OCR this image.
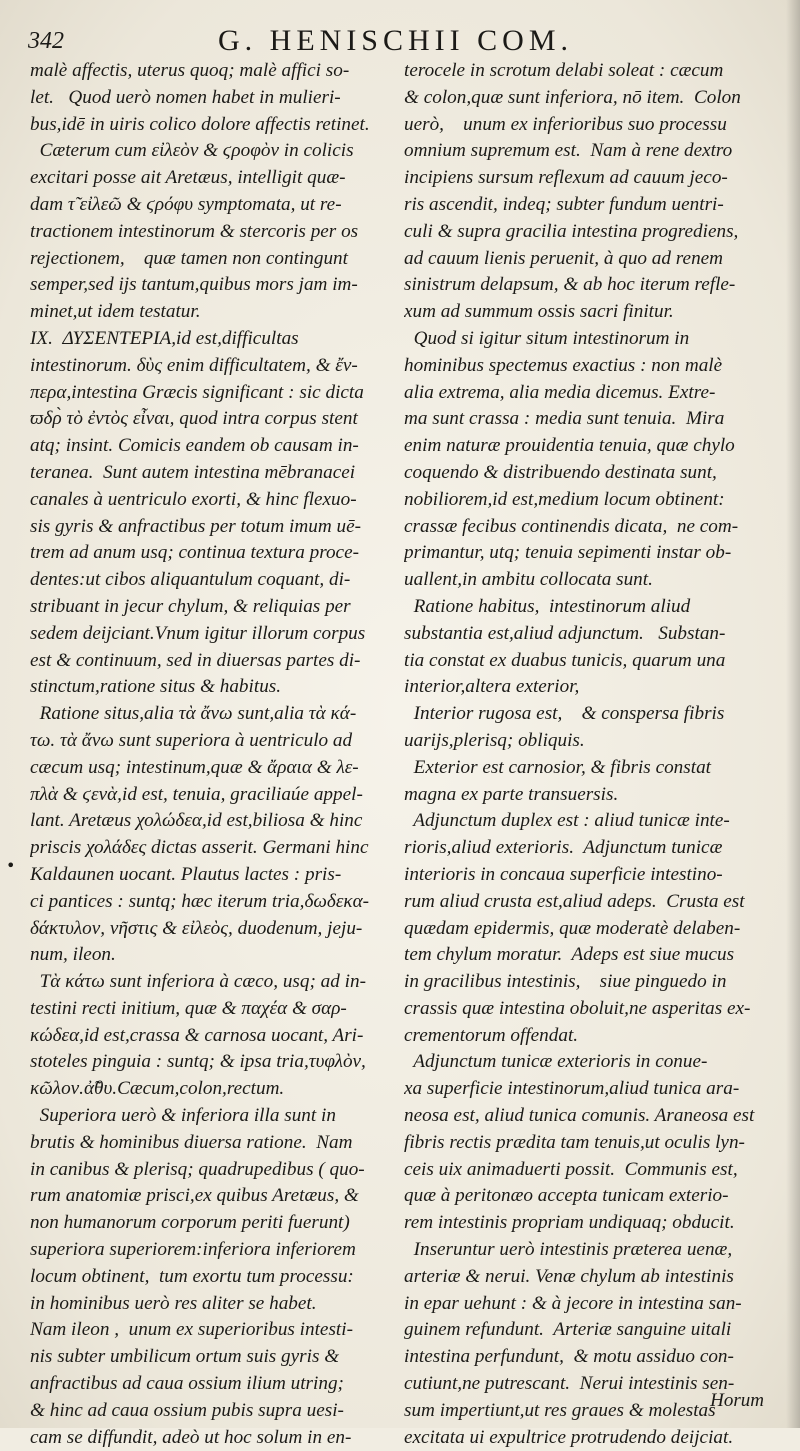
342	G. HENISCHII COM.
•
malè affectis, uterus quoq; malè affici so-
let.   Quod uerò nomen habet in mulieri-
bus,idē in uiris colico dolore affectis retinet.
Cæterum cum εἰλεὸν & ϛροφὸν in colicis
excitari posse ait Aretæus, intelligit quæ-
dam τ̃ εἰλεῶ & ϛρόφυ symptomata, ut re-
tractionem intestinorum & stercoris per os
rejectionem,    quæ tamen non contingunt
semper,sed ijs tantum,quibus mors jam im-
minet,ut idem testatur.
IX.  ΔΥΣΕΝΤΕΡΙΑ,id est,difficultas
intestinorum. δὺς enim difficultatem, & ἔν-
περα,intestina Græcis significant : sic dicta
ϖδρ̀ τὸ ἐντὸς εἶναι, quod intra corpus stent
atq; insint. Comicis eandem ob causam in-
teranea.  Sunt autem intestina mēbranacei
canales à uentriculo exorti, & hinc flexuo-
sis gyris & anfractibus per totum imum uē-
trem ad anum usq; continua textura proce-
dentes:ut cibos aliquantulum coquant, di-
stribuant in jecur chylum, & reliquias per
sedem deijciant.Vnum igitur illorum corpus
est & continuum, sed in diuersas partes di-
stinctum,ratione situs & habitus.
Ratione situs,alia τὰ ἄνω sunt,alia τὰ κά-
τω. τὰ ἄνω sunt superiora à uentriculo ad
cæcum usq; intestinum,quæ & ἄραια & λε-
πλὰ & ϛενὰ,id est, tenuia, graciliaúe appel-
lant. Aretæus χολώδεα,id est,biliosa & hinc
priscis χολάδες dictas asserit. Germani hinc
Kaldaunen uocant. Plautus lactes : pris-
ci pantices : suntq; hæc iterum tria,δωδεκα-
δάκτυλον, νῆστις & εἰλεὸς, duodenum, jeju-
num, ileon.
Τὰ κάτω sunt inferiora à cæco, usq; ad in-
testini recti initium, quæ & παχέα & σαρ-
κώδεα,id est,crassa & carnosa uocant, Ari-
stoteles pinguia : suntq; & ipsa tria,τυφλὸν,
κῶλον.ἀ̃θυ.Cæcum,colon,rectum.
Superiora uerò & inferiora illa sunt in
brutis & hominibus diuersa ratione.  Nam
in canibus & plerisq; quadrupedibus ( quo-
rum anatomiæ prisci,ex quibus Aretæus, &
non humanorum corporum periti fuerunt)
superiora superiorem:inferiora inferiorem
locum obtinent,  tum exortu tum processu:
in hominibus uerò res aliter se habet.
Nam ileon ,  unum ex superioribus intesti-
nis subter umbilicum ortum suis gyris &
anfractibus ad caua ossium ilium utring;
& hinc ad caua ossium pubis supra uesi-
cam se diffundit, adeò ut hoc solum in en-
terocele in scrotum delabi soleat : cæcum
& colon,quæ sunt inferiora, nō item.  Colon
uerò,    unum ex inferioribus suo processu
omnium supremum est.  Nam à rene dextro
incipiens sursum reflexum ad cauum jeco-
ris ascendit, indeq; subter fundum uentri-
culi & supra gracilia intestina progrediens,
ad cauum lienis peruenit, à quo ad renem
sinistrum delapsum, & ab hoc iterum refle-
xum ad summum ossis sacri finitur.
Quod si igitur situm intestinorum in
hominibus spectemus exactius : non malè
alia extrema, alia media dicemus. Extre-
ma sunt crassa : media sunt tenuia.  Mira
enim naturæ prouidentia tenuia, quæ chylo
coquendo & distribuendo destinata sunt,
nobiliorem,id est,medium locum obtinent:
crassæ fecibus continendis dicata,  ne com-
primantur, utq; tenuia sepimenti instar ob-
uallent,in ambitu collocata sunt.
Ratione habitus,  intestinorum aliud
substantia est,aliud adjunctum.   Substan-
tia constat ex duabus tunicis, quarum una
interior,altera exterior,
Interior rugosa est,    & conspersa fibris
uarijs,plerisq; obliquis.
Exterior est carnosior, & fibris constat
magna ex parte transuersis.
Adjunctum duplex est : aliud tunicæ inte-
rioris,aliud exterioris.  Adjunctum tunicæ
interioris in concaua superficie intestino-
rum aliud crusta est,aliud adeps.  Crusta est
quædam epidermis, quæ moderatè delaben-
tem chylum moratur.  Adeps est siue mucus
in gracilibus intestinis,    siue pinguedo in
crassis quæ intestina oboluit,ne asperitas ex-
crementorum offendat.
Adjunctum tunicæ exterioris in conue-
xa superficie intestinorum,aliud tunica ara-
neosa est, aliud tunica comunis. Araneosa est
fibris rectis prædita tam tenuis,ut oculis lyn-
ceis uix animaduerti possit.  Communis est,
quæ à peritonæo accepta tunicam exterio-
rem intestinis propriam undiquaq; obducit.
Inseruntur uerò intestinis præterea uenæ,
arteriæ & nerui. Venæ chylum ab intestinis
in epar uehunt : & à jecore in intestina san-
guinem refundunt.  Arteriæ sanguine uitali
intestina perfundunt,  & motu assiduo con-
cutiunt,ne putrescant.  Nerui intestinis sen-
sum impertiunt,ut res graues & molestas
excitata ui expultrice protrudendo deijciat.
Horum
